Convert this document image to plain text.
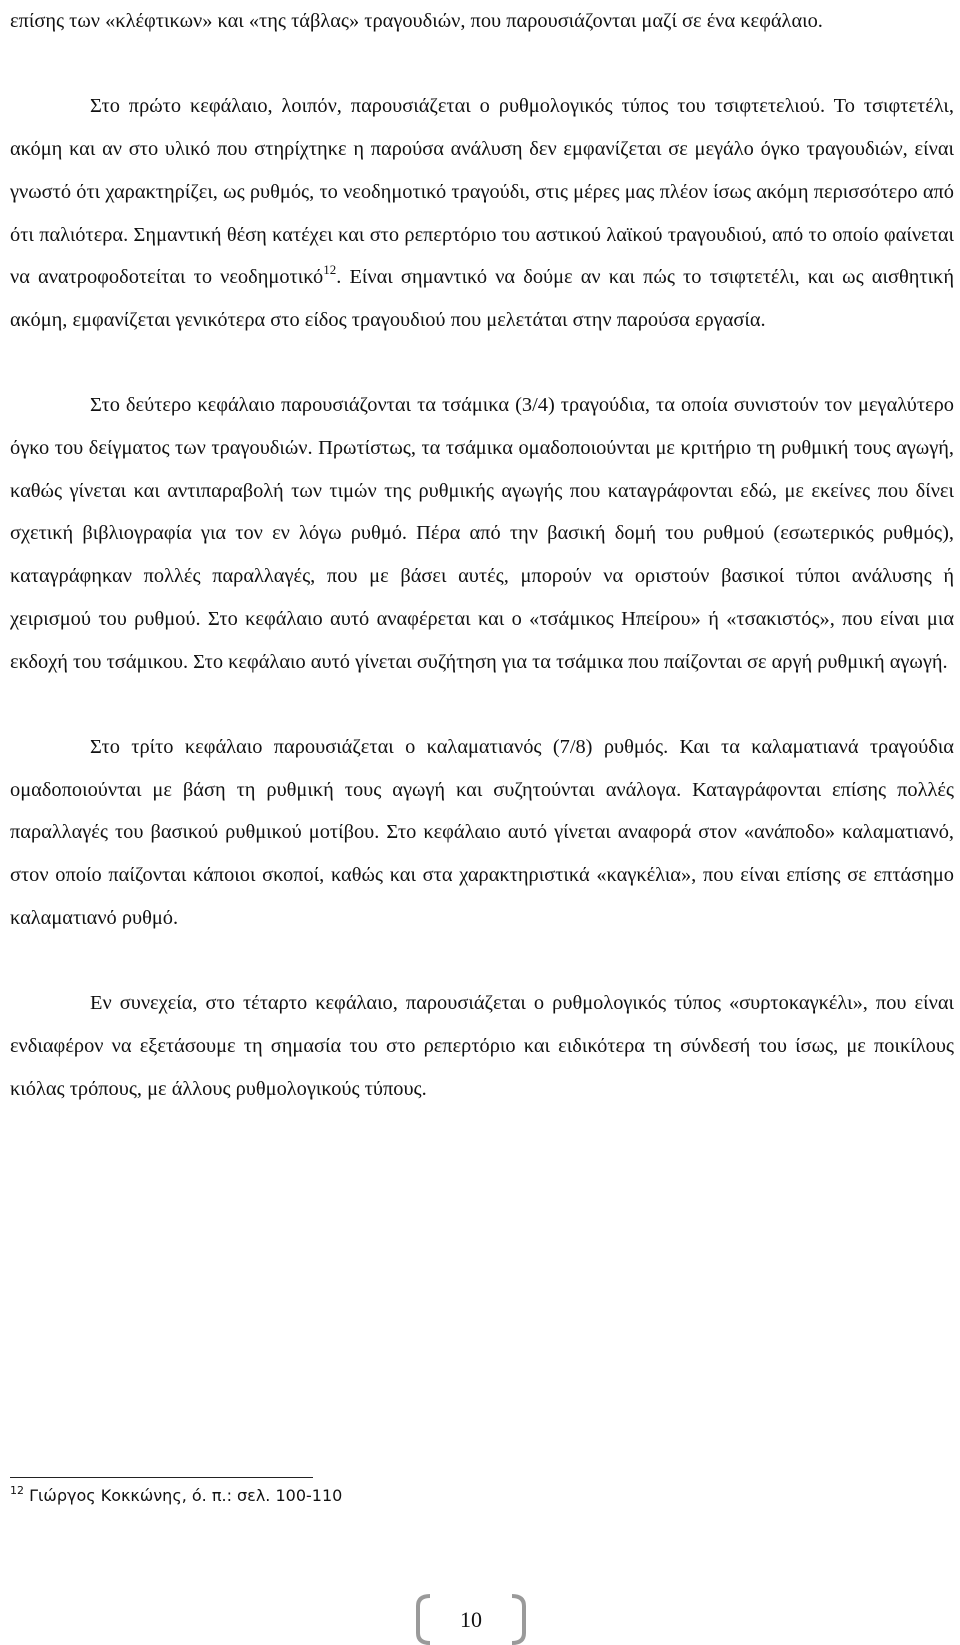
επίσης των «κλέφτικων» και «της τάβλας» τραγουδιών, που παρουσιάζονται μαζί σε ένα κεφάλαιο.

Στο πρώτο κεφάλαιο, λοιπόν, παρουσιάζεται ο ρυθμολογικός τύπος του τσιφτετελιού. Το τσιφτετέλι, ακόμη και αν στο υλικό που στηρίχτηκε η παρούσα ανάλυση δεν εμφανίζεται σε μεγάλο όγκο τραγουδιών, είναι γνωστό ότι χαρακτηρίζει, ως ρυθμός, το νεοδημοτικό τραγούδι, στις μέρες μας πλέον ίσως ακόμη περισσότερο από ότι παλιότερα. Σημαντική θέση κατέχει και στο ρεπερτόριο του αστικού λαϊκού τραγουδιού, από το οποίο φαίνεται να ανατροφοδοτείται το νεοδημοτικό$^{12}$. Είναι σημαντικό να δούμε αν και πώς το τσιφτετέλι, και ως αισθητική ακόμη, εμφανίζεται γενικότερα στο είδος τραγουδιού που μελετάται στην παρούσα εργασία.

Στο δεύτερο κεφάλαιο παρουσιάζονται τα τσάμικα (3/4) τραγούδια, τα οποία συνιστούν τον μεγαλύτερο όγκο του δείγματος των τραγουδιών. Πρωτίστως, τα τσάμικα ομαδοποιούνται με κριτήριο τη ρυθμική τους αγωγή, καθώς γίνεται και αντιπαραβολή των τιμών της ρυθμικής αγωγής που καταγράφονται εδώ, με εκείνες που δίνει σχετική βιβλιογραφία για τον εν λόγω ρυθμό. Πέρα από την βασική δομή του ρυθμού (εσωτερικός ρυθμός), καταγράφηκαν πολλές παραλλαγές, που με βάσει αυτές, μπορούν να οριστούν βασικοί τύποι ανάλυσης ή χειρισμού του ρυθμού. Στο κεφάλαιο αυτό αναφέρεται και ο «τσάμικος Ηπείρου» ή «τσακιστός», που είναι μια εκδοχή του τσάμικου. Στο κεφάλαιο αυτό γίνεται συζήτηση για τα τσάμικα που παίζονται σε αργή ρυθμική αγωγή.

Στο τρίτο κεφάλαιο παρουσιάζεται ο καλαματιανός (7/8) ρυθμός. Και τα καλαματιανά τραγούδια ομαδοποιούνται με βάση τη ρυθμική τους αγωγή και συζητούνται ανάλογα. Καταγράφονται επίσης πολλές παραλλαγές του βασικού ρυθμικού μοτίβου. Στο κεφάλαιο αυτό γίνεται αναφορά στον «ανάποδο» καλαματιανό, στον οποίο παίζονται κάποιοι σκοποί, καθώς και στα χαρακτηριστικά «καγκέλια», που είναι επίσης σε επτάσημο καλαματιανό ρυθμό.

Εν συνεχεία, στο τέταρτο κεφάλαιο, παρουσιάζεται ο ρυθμολογικός τύπος «συρτοκαγκέλι», που είναι ενδιαφέρον να εξετάσουμε τη σημασία του στο ρεπερτόριο και ειδικότερα τη σύνδεσή του ίσως, με ποικίλους κιόλας τρόπους, με άλλους ρυθμολογικούς τύπους.

$^{12}$ Γιώργος Κοκκώνης, ό. π.: σελ. 100-110
10
